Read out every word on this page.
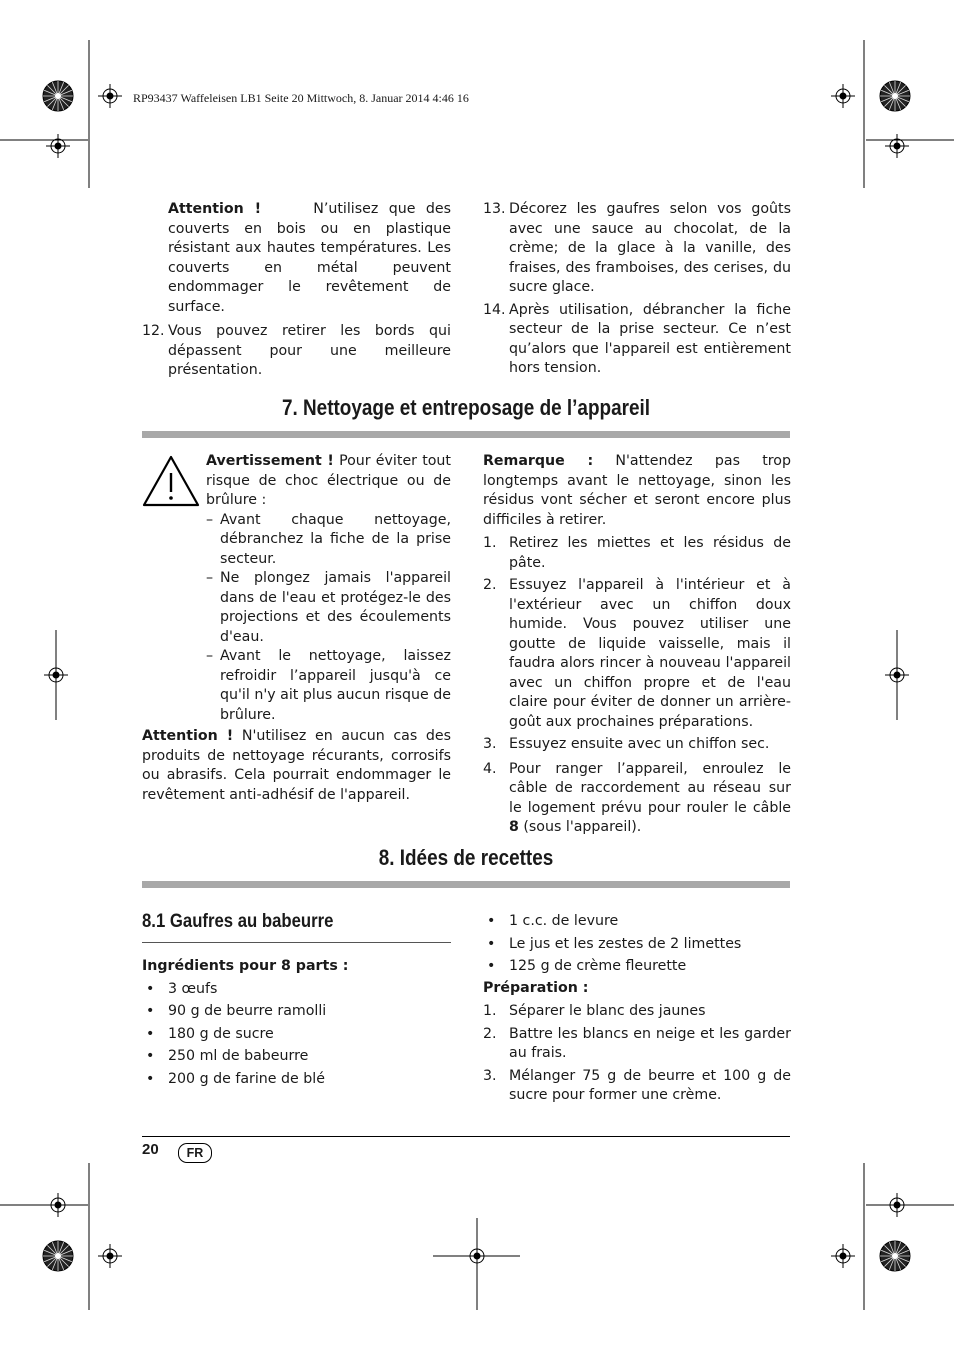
RP93437 Waffeleisen LB1 Seite 20 Mittwoch, 8. Januar 2014 4:46 16

Attention !	N’utilisez que des couverts en bois ou en plastique résistant aux hautes températures. Les couverts en métal peuvent endommager le revêtement de surface.

12. Vous pouvez retirer les bords qui dépassent pour une meilleure présentation.
13. Décorez les gaufres selon vos goûts avec une sauce au chocolat, de la crème; de la glace à la vanille, des fraises, des framboises, des cerises, du sucre glace.
14. Après utilisation, débrancher la fiche secteur de la prise secteur. Ce n’est qu’alors que l'appareil est entièrement hors tension.
7. Nettoyage et entreposage de l’appareil

Avertissement ! Pour éviter tout risque de choc électrique ou de brûlure :

– Avant chaque nettoyage, débranchez la fiche de la prise secteur.
– Ne plongez jamais l'appareil dans de l'eau et protégez-le des projections et des écoulements d'eau.
– Avant le nettoyage, laissez refroidir l’appareil jusqu'à ce qu'il n'y ait plus aucun risque de brûlure.

Attention ! N'utilisez en aucun cas des produits de nettoyage récurants, corrosifs ou abrasifs. Cela pourrait endommager le revêtement anti-adhésif de l'appareil.

Remarque : N'attendez pas trop longtemps avant le nettoyage, sinon les résidus vont sécher et seront encore plus difficiles à retirer.

1. Retirez les miettes et les résidus de pâte.
2. Essuyez l'appareil à l'intérieur et à l'extérieur avec un chiffon doux humide. Vous pouvez utiliser une goutte de liquide vaisselle, mais il faudra alors rincer à nouveau l'appareil avec un chiffon propre et de l'eau claire pour éviter de donner un arrière-goût aux prochaines préparations.
3. Essuyez ensuite avec un chiffon sec.
4. Pour ranger l’appareil, enroulez le câble de raccordement au réseau sur le logement prévu pour rouler le câble 8 (sous l'appareil).
8. Idées de recettes
8.1 Gaufres au babeurre

Ingrédients pour 8 parts :

• 3 œufs
• 90 g de beurre ramolli
• 180 g de sucre
• 250 ml de babeurre
• 200 g de farine de blé
• 1 c.c. de levure
• Le jus et les zestes de 2 limettes
• 125 g de crème fleurette

Préparation :

1. Séparer le blanc des jaunes
2. Battre les blancs en neige et les garder au frais.
3. Mélanger 75 g de beurre et 100 g de sucre pour former une crème.
20	FR
